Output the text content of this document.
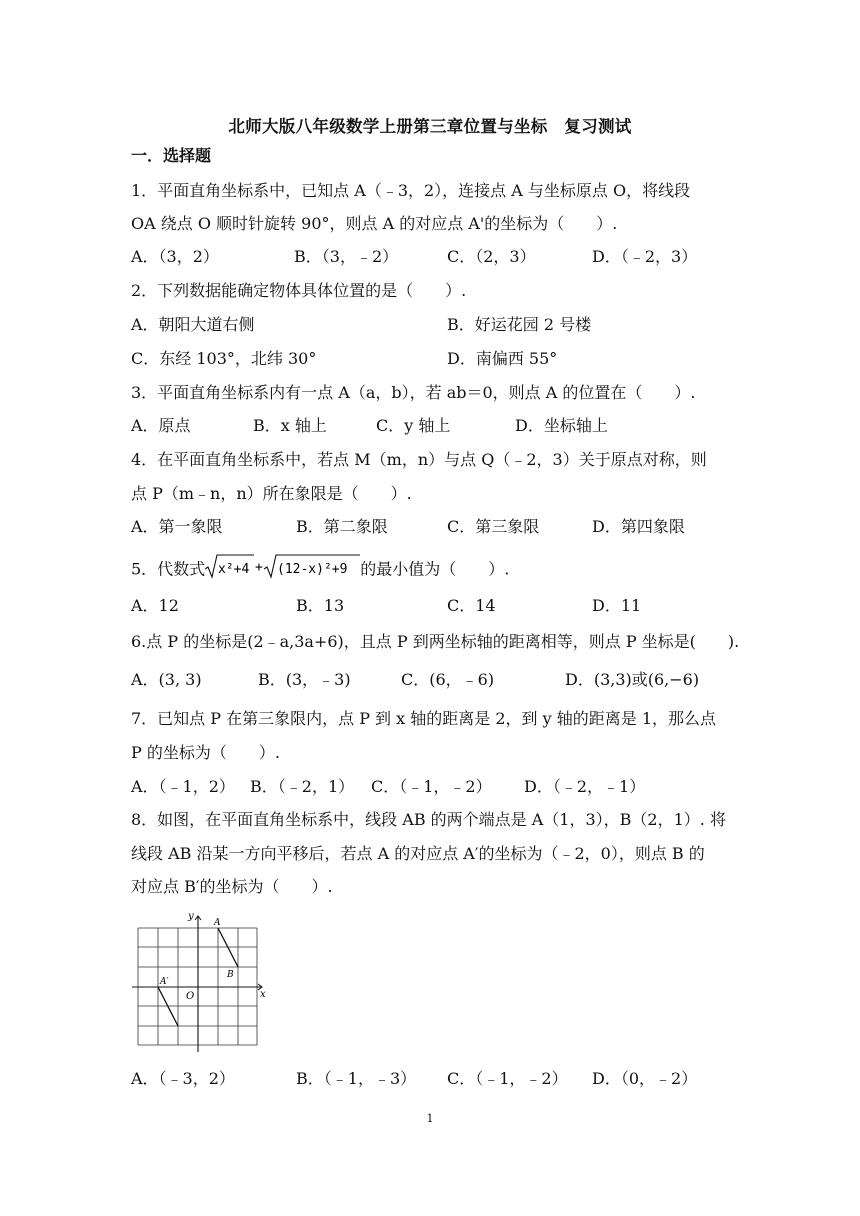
北师大版八年级数学上册第三章位置与坐标　复习测试
一．选择题
1．平面直角坐标系中，已知点 A（﹣3，2），连接点 A 与坐标原点 O，将线段
OA 绕点 O 顺时针旋转 90°，则点 A 的对应点 A'的坐标为（　　）.
A．（3，2）	B．（3，﹣2）	C．（2，3）	D．（﹣2，3）
2．下列数据能确定物体具体位置的是（　　）.
A．朝阳大道右侧	B．好运花园 2 号楼
C．东经 103°，北纬 30°	D．南偏西 55°
3．平面直角坐标系内有一点 A（a，b），若 ab＝0，则点 A 的位置在（　　）.
A．原点	B．x 轴上	C．y 轴上	D．坐标轴上
4．在平面直角坐标系中，若点 M（m，n）与点 Q（﹣2，3）关于原点对称，则
点 P（m﹣n，n）所在象限是（　　）.
A．第一象限	B．第二象限	C．第三象限	D．第四象限
5．代数式 x²+4 + (12-x)²+9 的最小值为（　　）.
A．12	B．13	C．14	D．11
6.点 P 的坐标是(2﹣a,3a+6)，且点 P 到两坐标轴的距离相等，则点 P 坐标是(　　).
A．(3, 3)	B．(3，﹣3)	C．(6，﹣6)	D．(3,3)或(6,−6)
7．已知点 P 在第三象限内，点 P 到 x 轴的距离是 2，到 y 轴的距离是 1，那么点
P 的坐标为（　　）.
A．（﹣1，2） B．（﹣2，1） C．（﹣1，﹣2） D．（﹣2，﹣1）
8．如图，在平面直角坐标系中，线段 AB 的两个端点是 A（1，3），B（2，1）. 将
线段 AB 沿某一方向平移后，若点 A 的对应点 A′的坐标为（﹣2，0），则点 B 的
对应点 B′的坐标为（　　）.
y
x
O
A
B
A′
A．（﹣3，2）	B．（﹣1，﹣3） C．（﹣1，﹣2） D．（0，﹣2）
1
